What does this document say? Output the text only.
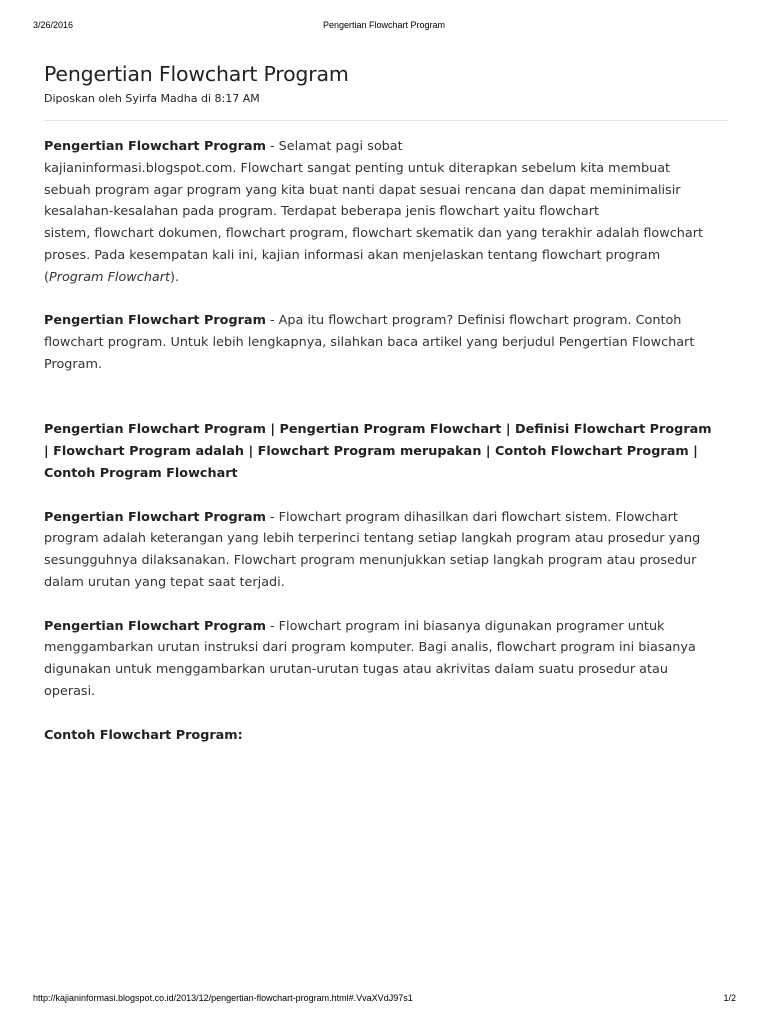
3/26/2016	Pengertian Flowchart Program
Pengertian Flowchart Program
Diposkan oleh Syirfa Madha di 8:17 AM

Pengertian Flowchart Program - Selamat pagi sobat
kajianinformasi.blogspot.com. Flowchart sangat penting untuk diterapkan sebelum kita membuat
sebuah program agar program yang kita buat nanti dapat sesuai rencana dan dapat meminimalisir
kesalahan-kesalahan pada program. Terdapat beberapa jenis flowchart yaitu flowchart
sistem, flowchart dokumen, flowchart program, flowchart skematik dan yang terakhir adalah flowchart
proses. Pada kesempatan kali ini, kajian informasi akan menjelaskan tentang flowchart program
(Program Flowchart).

Pengertian Flowchart Program - Apa itu flowchart program? Definisi flowchart program. Contoh
flowchart program. Untuk lebih lengkapnya, silahkan baca artikel yang berjudul Pengertian Flowchart
Program.

Pengertian Flowchart Program | Pengertian Program Flowchart | Definisi Flowchart Program
| Flowchart Program adalah | Flowchart Program merupakan | Contoh Flowchart Program |
Contoh Program Flowchart

Pengertian Flowchart Program - Flowchart program dihasilkan dari flowchart sistem. Flowchart
program adalah keterangan yang lebih terperinci tentang setiap langkah program atau prosedur yang
sesungguhnya dilaksanakan. Flowchart program menunjukkan setiap langkah program atau prosedur
dalam urutan yang tepat saat terjadi.

Pengertian Flowchart Program - Flowchart program ini biasanya digunakan programer untuk
menggambarkan urutan instruksi dari program komputer. Bagi analis, flowchart program ini biasanya
digunakan untuk menggambarkan urutan-urutan tugas atau akrivitas dalam suatu prosedur atau
operasi.

Contoh Flowchart Program:

http://kajianinformasi.blogspot.co.id/2013/12/pengertian-flowchart-program.html#.VvaXVdJ97s1	1/2
